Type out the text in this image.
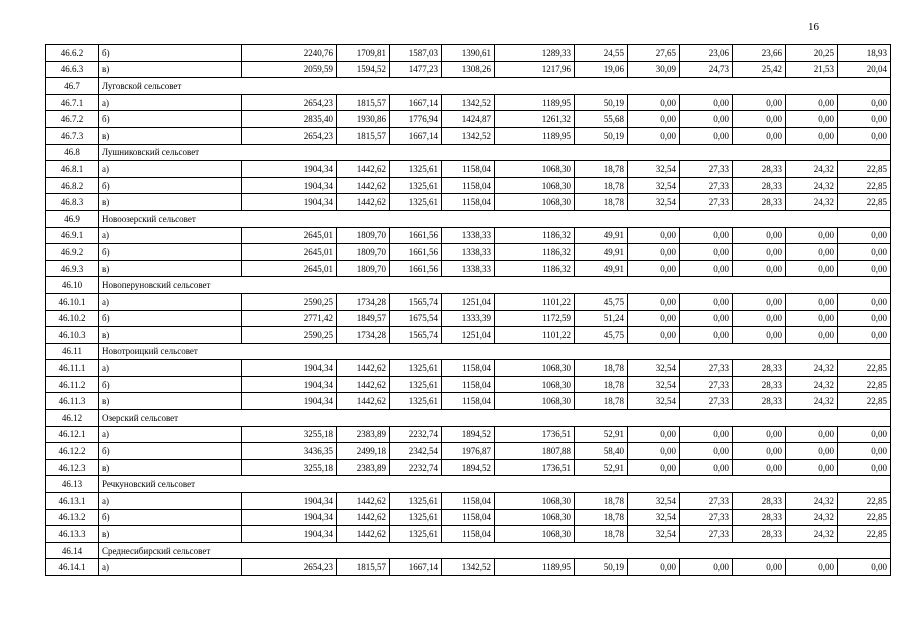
16
46.6.2	б)	2240,76	1709,81	1587,03	1390,61	1289,33	24,55	27,65	23,06	23,66	20,25	18,93
46.6.3	в)	2059,59	1594,52	1477,23	1308,26	1217,96	19,06	30,09	24,73	25,42	21,53	20,04
46.7	Луговской сельсовет											
46.7.1	а)	2654,23	1815,57	1667,14	1342,52	1189,95	50,19	0,00	0,00	0,00	0,00	0,00
46.7.2	б)	2835,40	1930,86	1776,94	1424,87	1261,32	55,68	0,00	0,00	0,00	0,00	0,00
46.7.3	в)	2654,23	1815,57	1667,14	1342,52	1189,95	50,19	0,00	0,00	0,00	0,00	0,00
46.8	Лушниковский сельсовет											
46.8.1	а)	1904,34	1442,62	1325,61	1158,04	1068,30	18,78	32,54	27,33	28,33	24,32	22,85
46.8.2	б)	1904,34	1442,62	1325,61	1158,04	1068,30	18,78	32,54	27,33	28,33	24,32	22,85
46.8.3	в)	1904,34	1442,62	1325,61	1158,04	1068,30	18,78	32,54	27,33	28,33	24,32	22,85
46.9	Новоозерский сельсовет											
46.9.1	а)	2645,01	1809,70	1661,56	1338,33	1186,32	49,91	0,00	0,00	0,00	0,00	0,00
46.9.2	б)	2645,01	1809,70	1661,56	1338,33	1186,32	49,91	0,00	0,00	0,00	0,00	0,00
46.9.3	в)	2645,01	1809,70	1661,56	1338,33	1186,32	49,91	0,00	0,00	0,00	0,00	0,00
46.10	Новоперуновский сельсовет											
46.10.1	а)	2590,25	1734,28	1565,74	1251,04	1101,22	45,75	0,00	0,00	0,00	0,00	0,00
46.10.2	б)	2771,42	1849,57	1675,54	1333,39	1172,59	51,24	0,00	0,00	0,00	0,00	0,00
46.10.3	в)	2590,25	1734,28	1565,74	1251,04	1101,22	45,75	0,00	0,00	0,00	0,00	0,00
46.11	Новотроицкий сельсовет											
46.11.1	а)	1904,34	1442,62	1325,61	1158,04	1068,30	18,78	32,54	27,33	28,33	24,32	22,85
46.11.2	б)	1904,34	1442,62	1325,61	1158,04	1068,30	18,78	32,54	27,33	28,33	24,32	22,85
46.11.3	в)	1904,34	1442,62	1325,61	1158,04	1068,30	18,78	32,54	27,33	28,33	24,32	22,85
46.12	Озерский сельсовет											
46.12.1	а)	3255,18	2383,89	2232,74	1894,52	1736,51	52,91	0,00	0,00	0,00	0,00	0,00
46.12.2	б)	3436,35	2499,18	2342,54	1976,87	1807,88	58,40	0,00	0,00	0,00	0,00	0,00
46.12.3	в)	3255,18	2383,89	2232,74	1894,52	1736,51	52,91	0,00	0,00	0,00	0,00	0,00
46.13	Речкуновский сельсовет											
46.13.1	а)	1904,34	1442,62	1325,61	1158,04	1068,30	18,78	32,54	27,33	28,33	24,32	22,85
46.13.2	б)	1904,34	1442,62	1325,61	1158,04	1068,30	18,78	32,54	27,33	28,33	24,32	22,85
46.13.3	в)	1904,34	1442,62	1325,61	1158,04	1068,30	18,78	32,54	27,33	28,33	24,32	22,85
46.14	Среднесибирский сельсовет											
46.14.1	а)	2654,23	1815,57	1667,14	1342,52	1189,95	50,19	0,00	0,00	0,00	0,00	0,00
